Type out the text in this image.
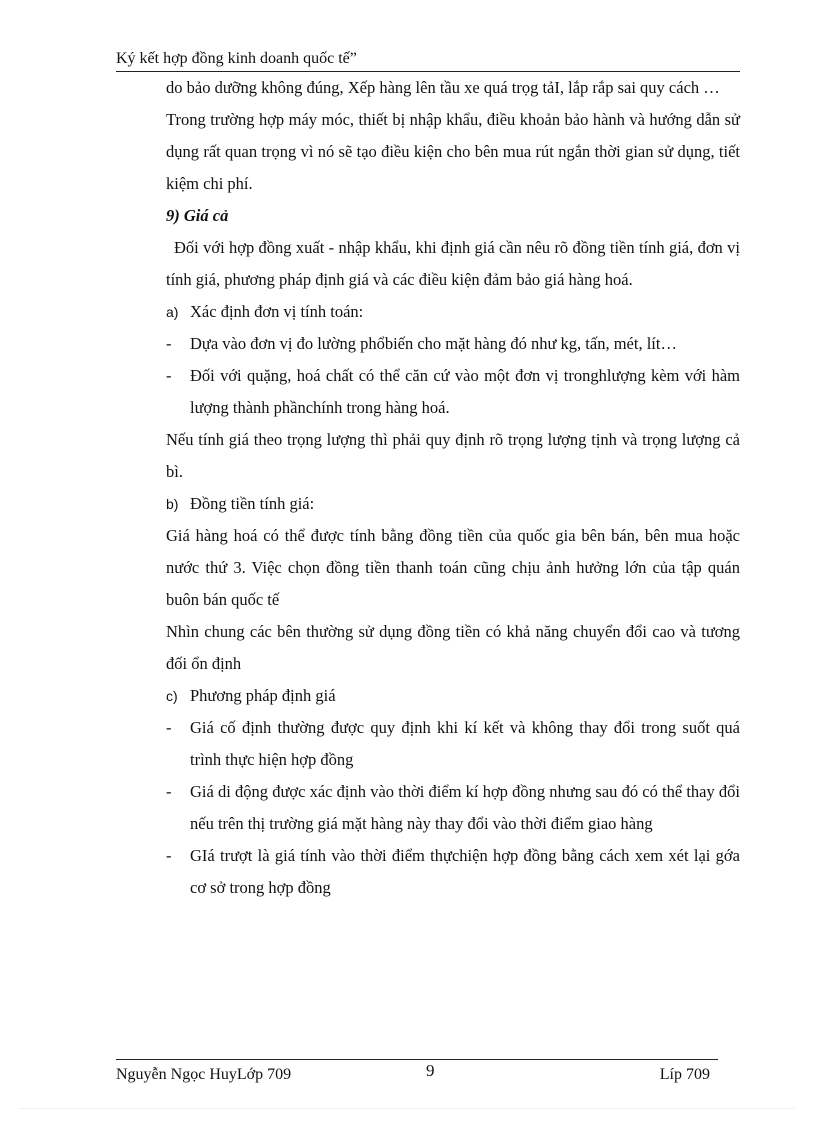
Ký kết hợp đồng kinh doanh quốc tế”

do bảo dưỡng không đúng, Xếp hàng lên tầu xe quá trọg tảI, lắp rắp sai quy cách …

Trong trường hợp máy móc, thiết bị nhập khẩu, điều khoản bảo hành và hướng dẫn sử dụng rất quan trọng vì nó sẽ tạo điều kiện cho bên mua rút ngắn thời gian sử dụng, tiết kiệm chi phí.

9) Giá cả

Đối với hợp đồng xuất - nhập khẩu, khi định giá cần nêu rõ đồng tiền tính giá, đơn vị tính giá, phương pháp định giá và các điều kiện đảm bảo giá hàng hoá.

a) Xác định đơn vị tính toán:
-	Dựa vào đơn vị đo lường phổbiến cho mặt hàng đó như kg, tấn, mét, lít…
-	Đối với quặng, hoá chất có thể căn cứ vào một đơn vị tronghlượng kèm với hàm lượng thành phầnchính trong hàng hoá.

Nếu tính giá theo trọng lượng thì phải quy định rõ trọng lượng tịnh và trọng lượng cả bì.

b) Đồng tiền tính giá:

Giá hàng hoá có thể được tính bằng đồng tiền của quốc gia bên bán, bên mua hoặc nước thứ 3. Việc chọn đồng tiền thanh toán cũng chịu ảnh hưởng lớn của tập quán buôn bán quốc tế

Nhìn chung các bên thường sử dụng đồng tiền có khả năng chuyển đổi cao và tương đối ổn định

c) Phương pháp định giá
-	Giá cố định thường được quy định khi kí kết và không thay đổi trong suốt quá trình thực hiện hợp đồng
-	Giá di động được xác định vào thời điểm kí hợp đồng nhưng sau đó có thể thay đổi nếu trên thị trường giá mặt hàng này thay đổi vào thời điểm giao hàng
-	GIá trượt là giá tính vào thời điểm thựchiện hợp đồng bằng cách xem xét lại gớa cơ sở trong hợp đồng
Nguyễn Ngọc HuyLớp 709	9	Líp 709
